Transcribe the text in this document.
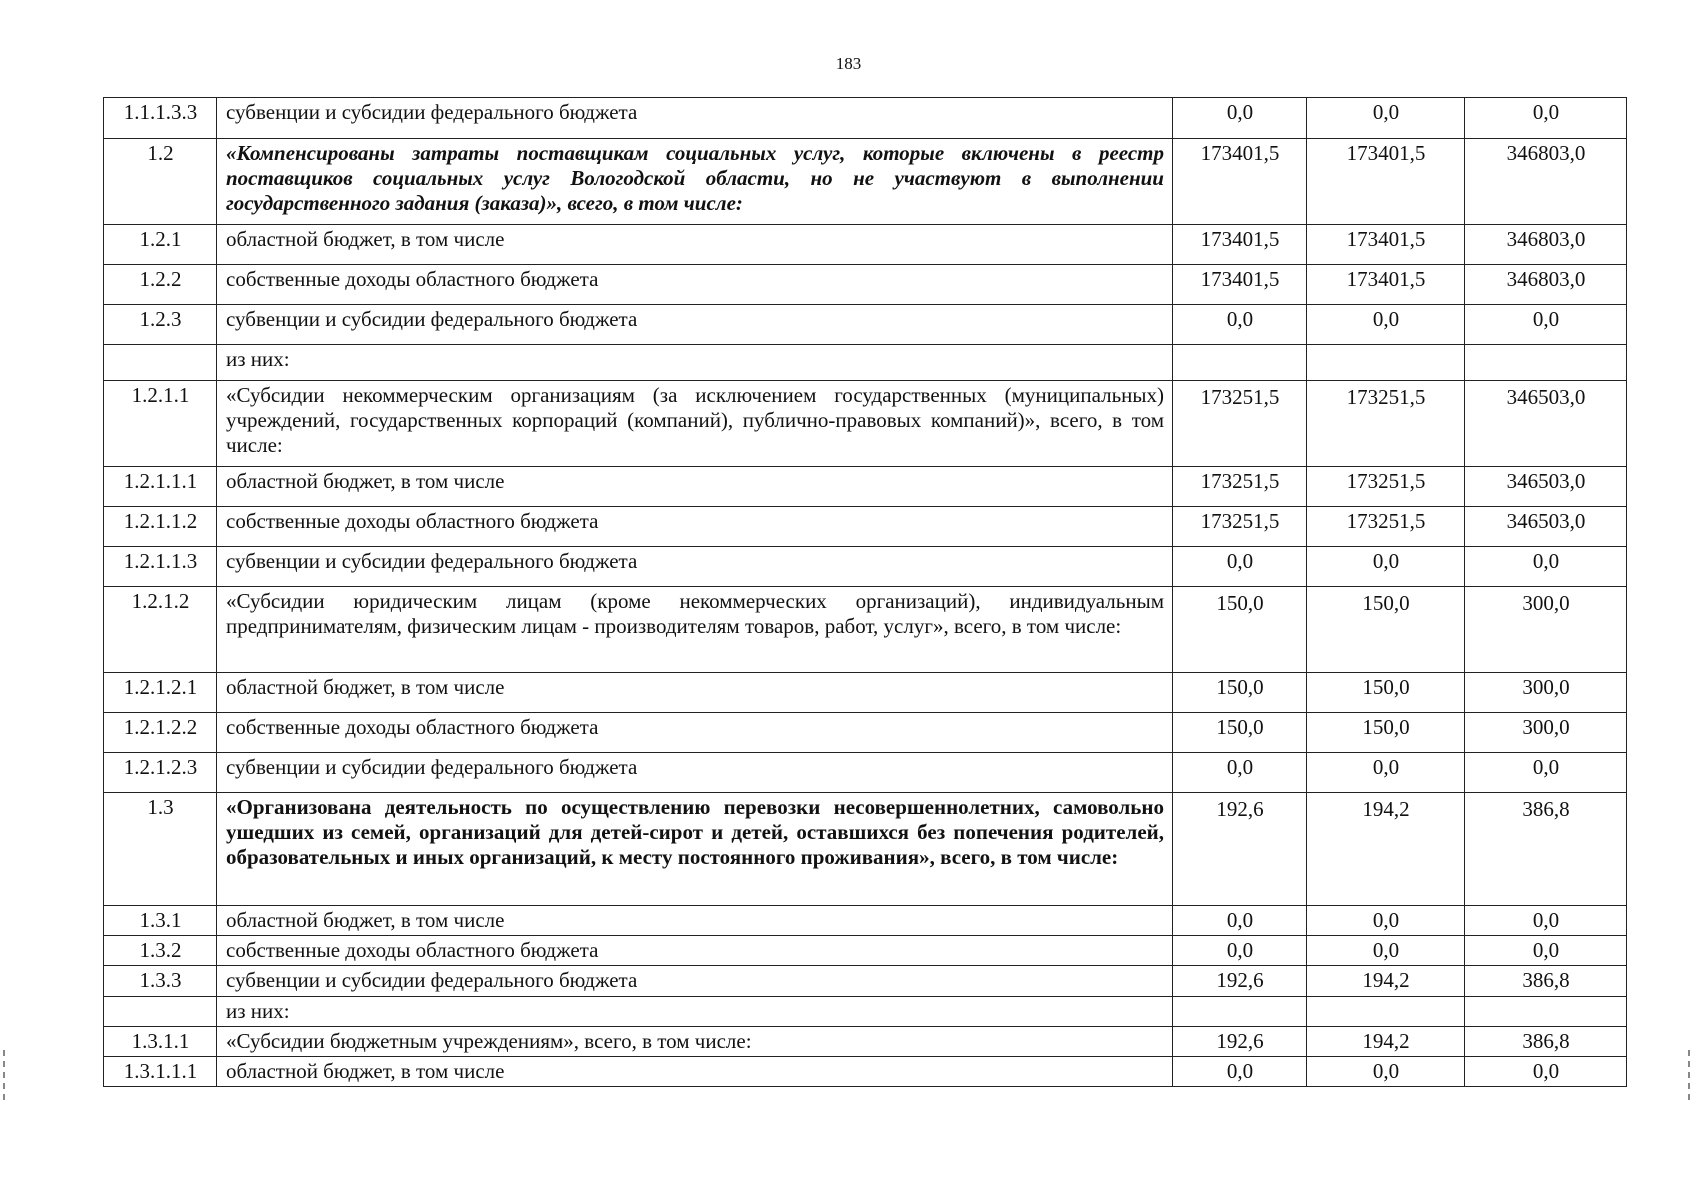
183
1.1.1.3.3	субвенции и субсидии федерального бюджета	0,0	0,0	0,0
1.2	«Компенсированы затраты поставщикам социальных услуг, которые включены в реестр поставщиков социальных услуг Вологодской области, но не участвуют в выполнении государственного задания (заказа)», всего, в том числе:	173401,5	173401,5	346803,0
1.2.1	областной бюджет, в том числе	173401,5	173401,5	346803,0
1.2.2	собственные доходы областного бюджета	173401,5	173401,5	346803,0
1.2.3	субвенции и субсидии федерального бюджета	0,0	0,0	0,0
	из них:			
1.2.1.1	«Субсидии некоммерческим организациям (за исключением государственных (муниципальных) учреждений, государственных корпораций (компаний), публично-правовых компаний)», всего, в том числе:	173251,5	173251,5	346503,0
1.2.1.1.1	областной бюджет, в том числе	173251,5	173251,5	346503,0
1.2.1.1.2	собственные доходы областного бюджета	173251,5	173251,5	346503,0
1.2.1.1.3	субвенции и субсидии федерального бюджета	0,0	0,0	0,0
1.2.1.2	«Субсидии юридическим лицам (кроме некоммерческих организаций), индивидуальным предпринимателям, физическим лицам - производителям товаров, работ, услуг», всего, в том числе:	150,0	150,0	300,0
1.2.1.2.1	областной бюджет, в том числе	150,0	150,0	300,0
1.2.1.2.2	собственные доходы областного бюджета	150,0	150,0	300,0
1.2.1.2.3	субвенции и субсидии федерального бюджета	0,0	0,0	0,0
1.3	«Организована деятельность по осуществлению перевозки несовершеннолетних, самовольно ушедших из семей, организаций для детей-сирот и детей, оставшихся без попечения родителей, образовательных и иных организаций, к месту постоянного проживания», всего, в том числе:	192,6	194,2	386,8
1.3.1	областной бюджет, в том числе	0,0	0,0	0,0
1.3.2	собственные доходы областного бюджета	0,0	0,0	0,0
1.3.3	субвенции и субсидии федерального бюджета	192,6	194,2	386,8
	из них:			
1.3.1.1	«Субсидии бюджетным учреждениям», всего, в том числе:	192,6	194,2	386,8
1.3.1.1.1	областной бюджет, в том числе	0,0	0,0	0,0
